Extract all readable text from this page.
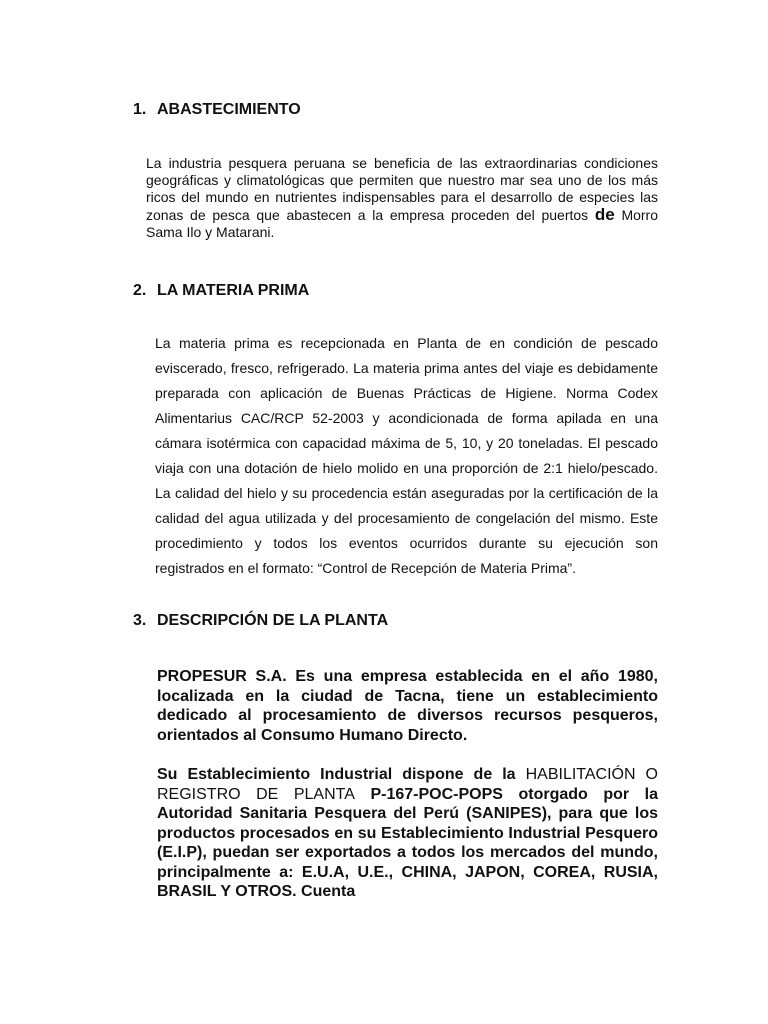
1. ABASTECIMIENTO

La industria pesquera peruana se beneficia de las extraordinarias condiciones geográficas y climatológicas que permiten que nuestro mar sea uno de los más ricos del mundo en nutrientes indispensables para el desarrollo de especies las zonas de pesca que abastecen a la empresa proceden del puertos de Morro Sama Ilo y Matarani.

2. LA MATERIA PRIMA

La materia prima es recepcionada en Planta de en condición de pescado eviscerado, fresco, refrigerado. La materia prima antes del viaje es debidamente preparada con aplicación de Buenas Prácticas de Higiene. Norma Codex Alimentarius CAC/RCP 52-2003 y acondicionada de forma apilada en una cámara isotérmica con capacidad máxima de 5, 10, y 20 toneladas. El pescado viaja con una dotación de hielo molido en una proporción de 2:1 hielo/pescado. La calidad del hielo y su procedencia están aseguradas por la certificación de la calidad del agua utilizada y del procesamiento de congelación del mismo. Este procedimiento y todos los eventos ocurridos durante su ejecución son registrados en el formato: “Control de Recepción de Materia Prima”.

3. DESCRIPCIÓN DE LA PLANTA

PROPESUR S.A. Es una empresa establecida en el año 1980, localizada en la ciudad de Tacna, tiene un establecimiento dedicado al procesamiento de diversos recursos pesqueros, orientados al Consumo Humano Directo.

Su Establecimiento Industrial dispone de la HABILITACIÓN O REGISTRO DE PLANTA P-167-POC-POPS otorgado por la Autoridad Sanitaria Pesquera del Perú (SANIPES), para que los productos procesados en su Establecimiento Industrial Pesquero (E.I.P), puedan ser exportados a todos los mercados del mundo, principalmente a: E.U.A, U.E., CHINA, JAPON, COREA, RUSIA, BRASIL Y OTROS. Cuenta
